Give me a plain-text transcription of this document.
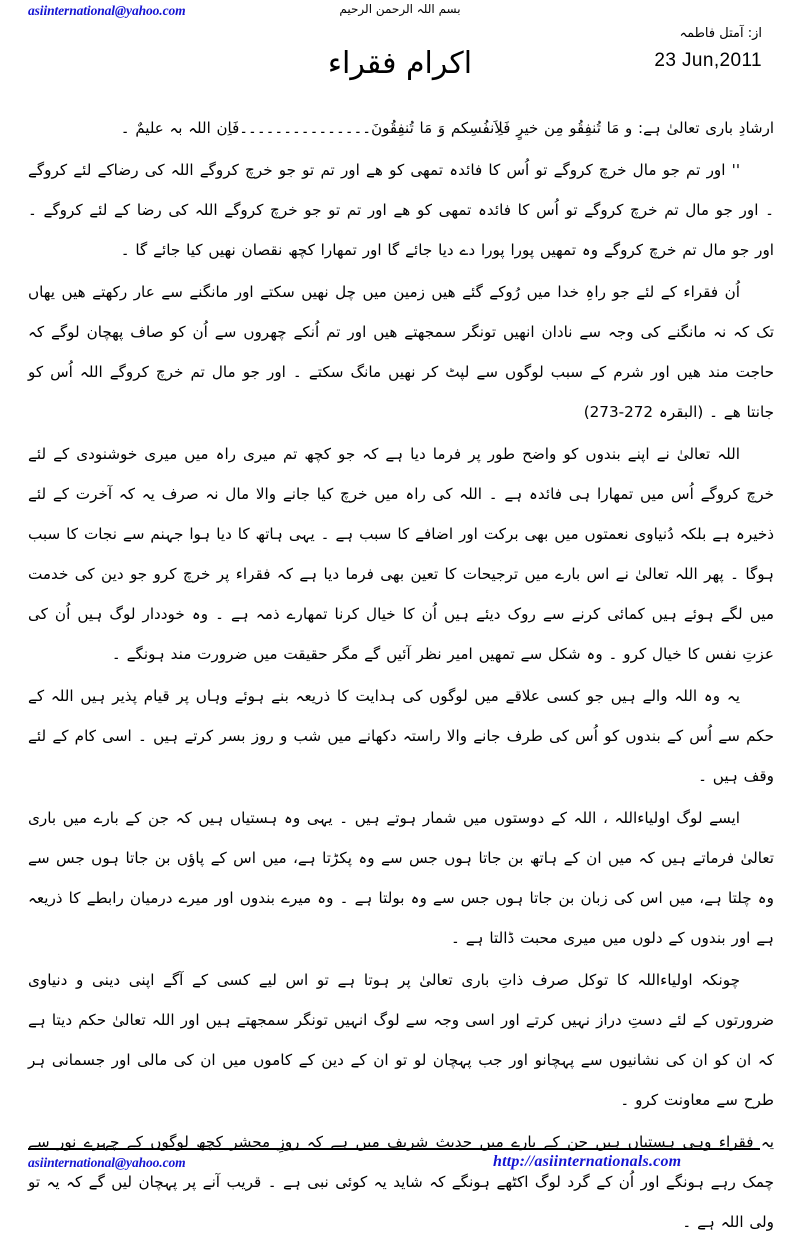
asiinternational@yahoo.com	بسم اللہ الرحمن الرحیم
از: آمتل فاطمہ
23 Jun,2011
اکرام فقراء

ارشادِ باری تعالیٰ ہے: و مَا تُنفِقُو مِن خیرٍ فَلِاَنفُسِکم وَ مَا تُنفِقُونَ۔۔۔۔۔۔۔۔۔۔۔۔۔۔۔فَاِن اللہ بہ علیمٌ ۔

'' اور تم جو مال خرچ کروگے تو اُس کا فائدہ تمھی کو ھے اور تم تو جو خرچ کروگے اللہ کی رضاکے لئے کروگے ۔ اور جو مال تم خرچ کروگے تو اُس کا فائدہ تمھی کو ھے اور تم تو جو خرچ کروگے اللہ کی رضا کے لئے کروگے ۔ اور جو مال تم خرچ کروگے وہ تمھیں پورا پورا دے دیا جائے گا اور تمھارا کچھ نقصان نھیں کیا جائے گا ۔

اُن فقراء کے لئے جو راہِ خدا میں رُوکے گئے ھیں زمین میں چل نھیں سکتے اور مانگنے سے عار رکھتے ھیں یھاں تک کہ نہ مانگنے کی وجہ سے نادان انھیں تونگر سمجھتے ھیں اور تم اُنکے چھروں سے اُن کو صاف پھچان لوگے کہ حاجت مند ھیں اور شرم کے سبب لوگوں سے لپٹ کر نھیں مانگ سکتے ۔ اور جو مال تم خرچ کروگے اللہ اُس کو جانتا ھے ۔ (البقرہ 272-273)

اللہ تعالیٰ نے اپنے بندوں کو واضح طور پر فرما دیا ہے کہ جو کچھ تم میری راہ میں میری خوشنودی کے لئے خرچ کروگے اُس میں تمھارا ہی فائدہ ہے ۔ اللہ کی راہ میں خرچ کیا جانے والا مال نہ صرف یہ کہ آخرت کے لئے ذخیرہ ہے بلکہ دُنیاوی نعمتوں میں بھی برکت اور اضافے کا سبب ہے ۔ یہی ہاتھ کا دیا ہوا جہنم سے نجات کا سبب ہوگا ۔ پھر اللہ تعالیٰ نے اس بارے میں ترجیحات کا تعین بھی فرما دیا ہے کہ فقراء پر خرچ کرو جو دین کی خدمت میں لگے ہوئے ہیں کمائی کرنے سے روک دیئے ہیں اُن کا خیال کرنا تمھارے ذمہ ہے ۔ وہ خوددار لوگ ہیں اُن کی عزتِ نفس کا خیال کرو ۔ وہ شکل سے تمھیں امیر نظر آئیں گے مگر حقیقت میں ضرورت مند ہونگے ۔

یہ وہ اللہ والے ہیں جو کسی علاقے میں لوگوں کی ہدایت کا ذریعہ بنے ہوئے وہاں پر قیام پذیر ہیں اللہ کے حکم سے اُس کے بندوں کو اُس کی طرف جانے والا راستہ دکھانے میں شب و روز بسر کرتے ہیں ۔ اسی کام کے لئے وقف ہیں ۔

ایسے لوگ اولیاءاللہ ، اللہ کے دوستوں میں شمار ہوتے ہیں ۔ یہی وہ ہستیاں ہیں کہ جن کے بارے میں باری تعالیٰ فرماتے ہیں کہ میں ان کے ہاتھ بن جاتا ہوں جس سے وہ پکڑتا ہے، میں اس کے پاؤں بن جاتا ہوں جس سے وہ چلتا ہے، میں اس کی زبان بن جاتا ہوں جس سے وہ بولتا ہے ۔ وہ میرے بندوں اور میرے درمیان رابطے کا ذریعہ ہے اور بندوں کے دلوں میں میری محبت ڈالتا ہے ۔

چونکہ اولیاءاللہ کا توکل صرف ذاتِ باری تعالیٰ پر ہوتا ہے تو اس لیے کسی کے آگے اپنی دینی و دنیاوی ضرورتوں کے لئے دستِ دراز نہیں کرتے اور اسی وجہ سے لوگ انہیں تونگر سمجھتے ہیں اور اللہ تعالیٰ حکم دیتا ہے کہ ان کو ان کی نشانیوں سے پہچانو اور جب پہچان لو تو ان کے دین کے کاموں میں ان کی مالی اور جسمانی ہر طرح سے معاونت کرو ۔

یہ فقراء وہی ہستیاں ہیں جن کے بارے میں حدیث شریف میں ہے کہ روزِ محشر کچھ لوگوں کے چہرے نور سے چمک رہے ہونگے اور اُن کے گرد لوگ اکٹھے ہونگے کہ شاید یہ کوئی نبی ہے ۔ قریب آنے پر پہچان لیں گے کہ یہ تو ولی اللہ ہے ۔

asiinternational@yahoo.com	http://asiinternationals.com
